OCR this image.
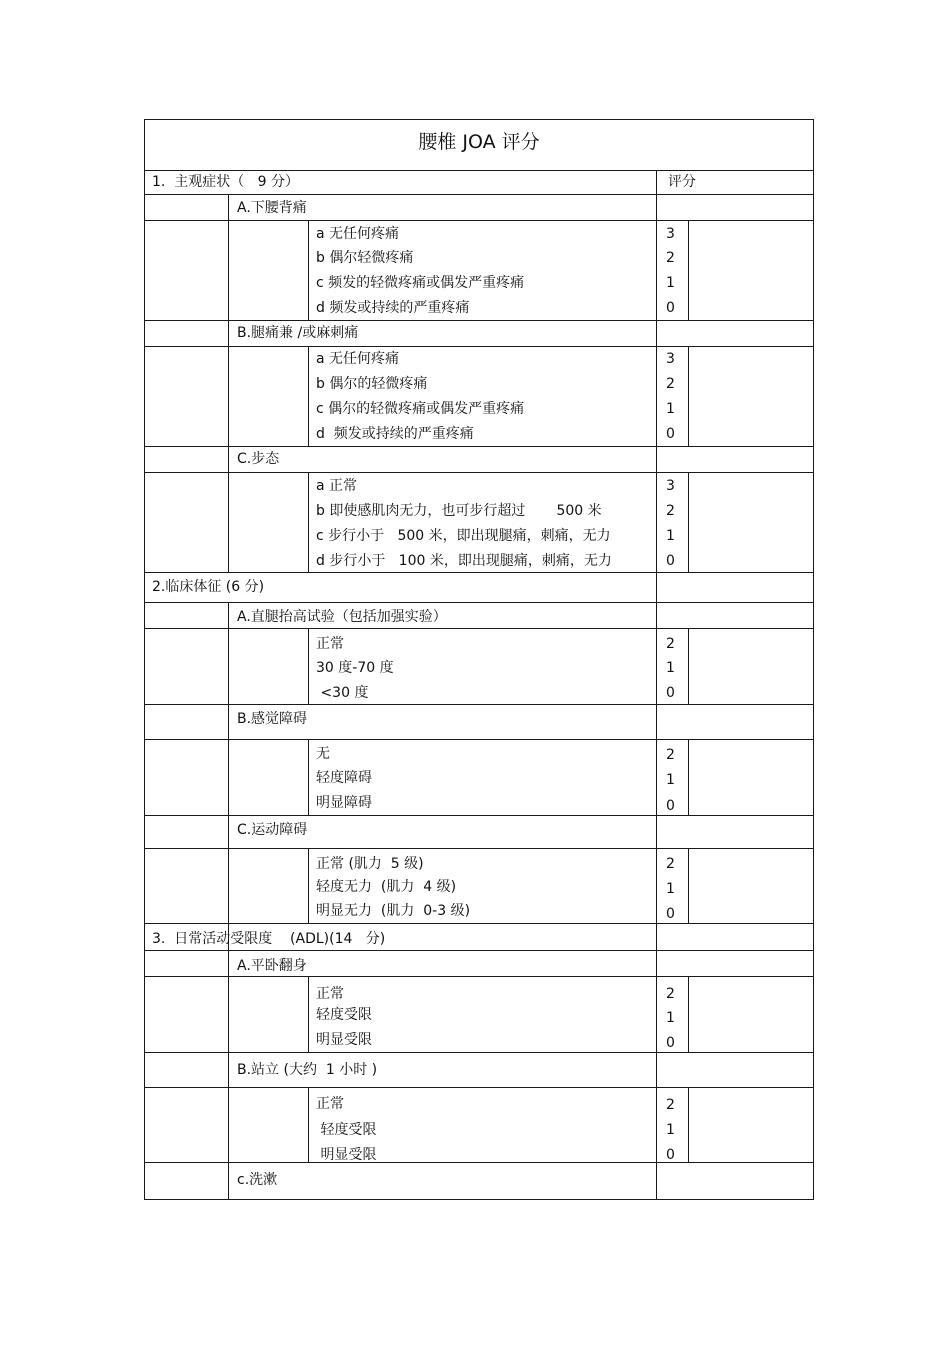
腰椎 JOA 评分
1.  主观症状（   9 分）	评分
A.下腰背痛
a 无任何疼痛	3
b 偶尔轻微疼痛	2
c 频发的轻微疼痛或偶发严重疼痛	1
d 频发或持续的严重疼痛	0
B.腿痛兼 /或麻刺痛
a 无任何疼痛	3
b 偶尔的轻微疼痛	2
c 偶尔的轻微疼痛或偶发严重疼痛	1
d  频发或持续的严重疼痛	0
C.步态
a 正常	3
b 即使感肌肉无力，也可步行超过       500 米	2
c 步行小于   500 米，即出现腿痛，刺痛，无力	1
d 步行小于   100 米，即出现腿痛，刺痛，无力	0
2.临床体征 (6 分)
A.直腿抬高试验（包括加强实验）
正常	2
30 度-70 度	1
<30 度	0
B.感觉障碍
无	2
轻度障碍	1
明显障碍	0
C.运动障碍
正常 (肌力  5 级)	2
轻度无力  (肌力  4 级)	1
明显无力  (肌力  0-3 级)	0
3.  日常活动受限度    (ADL)(14   分)
A.平卧翻身
正常	2
轻度受限	1
明显受限	0
B.站立 (大约  1 小时 )
正常	2
轻度受限	1
明显受限	0
c.洗漱
